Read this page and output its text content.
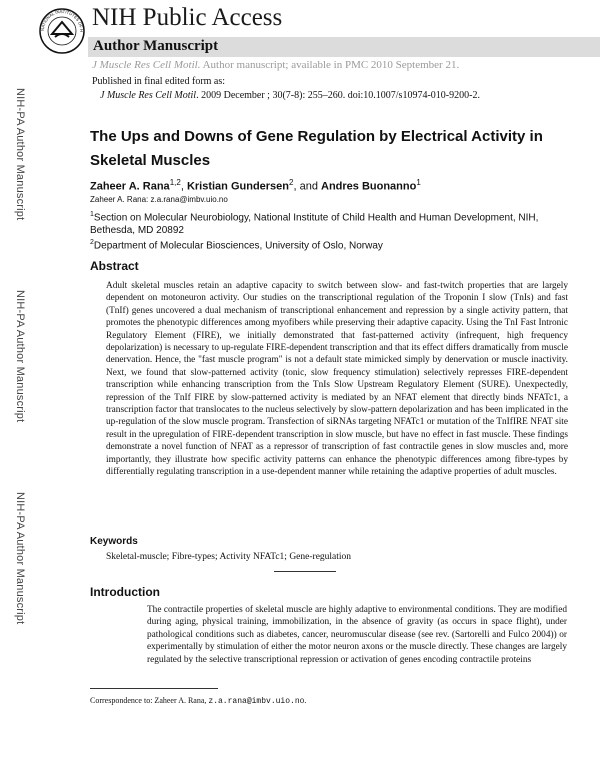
NATIONAL INSTITUTES OF H NIH Public Access
Author Manuscript
J Muscle Res Cell Motil. Author manuscript; available in PMC 2010 September 21.
NIH-PA Author Manuscript
NIH-PA Author Manuscript
NIH-PA Author Manuscript
Published in final edited form as:
J Muscle Res Cell Motil. 2009 December ; 30(7-8): 255–260. doi:10.1007/s10974-010-9200-2.
The Ups and Downs of Gene Regulation by Electrical Activity in Skeletal Muscles
Zaheer A. Rana$^{1,2}$, Kristian Gundersen$^2$, and Andres Buonanno$^1$
Zaheer A. Rana: z.a.rana@imbv.uio.no
$^1$Section on Molecular Neurobiology, National Institute of Child Health and Human Development, NIH, Bethesda, MD 20892
$^2$Department of Molecular Biosciences, University of Oslo, Norway
Abstract
Adult skeletal muscles retain an adaptive capacity to switch between slow- and fast-twitch properties that are largely dependent on motoneuron activity. Our studies on the transcriptional regulation of the Troponin I slow (TnIs) and fast (TnIf) genes uncovered a dual mechanism of transcriptional enhancement and repression by a single activity pattern, that promotes the phenotypic differences among myofibers while preserving their adaptive capacity. Using the TnI Fast Intronic Regulatory Element (FIRE), we initially demonstrated that fast-patterned activity (infrequent, high frequency depolarization) is necessary to up-regulate FIRE-dependent transcription and that its effect differs dramatically from muscle denervation. Hence, the "fast muscle program" is not a default state mimicked simply by denervation or muscle inactivity. Next, we found that slow-patterned activity (tonic, slow frequency stimulation) selectively represses FIRE-dependent transcription while enhancing transcription from the TnIs Slow Upstream Regulatory Element (SURE). Unexpectedly, repression of the TnIf FIRE by slow-patterned activity is mediated by an NFAT element that directly binds NFATc1, a transcription factor that translocates to the nucleus selectively by slow-pattern depolarization and has been implicated in the up-regulation of the slow muscle program. Transfection of siRNAs targeting NFATc1 or mutation of the TnIfIRE NFAT site result in the upregulation of FIRE-dependent transcription in slow muscle, but have no effect in fast muscle. These findings demonstrate a novel function of NFAT as a repressor of transcription of fast contractile genes in slow muscles and, more importantly, they illustrate how specific activity patterns can enhance the phenotypic differences among fibre-types by differentially regulating transcription in a use-dependent manner while retaining the adaptive properties of adult muscles.
Keywords
Skeletal-muscle; Fibre-types; Activity NFATc1; Gene-regulation
Introduction
The contractile properties of skeletal muscle are highly adaptive to environmental conditions. They are modified during aging, physical training, immobilization, in the absence of gravity (as occurs in space flight), under pathological conditions such as diabetes, cancer, neuromuscular disease (see rev. (Sartorelli and Fulco 2004)) or experimentally by stimulation of either the motor neuron axons or the muscle directly. These changes are largely regulated by the selective transcriptional repression or activation of genes encoding contractile proteins
Correspondence to: Zaheer A. Rana, z.a.rana@imbv.uio.no.
